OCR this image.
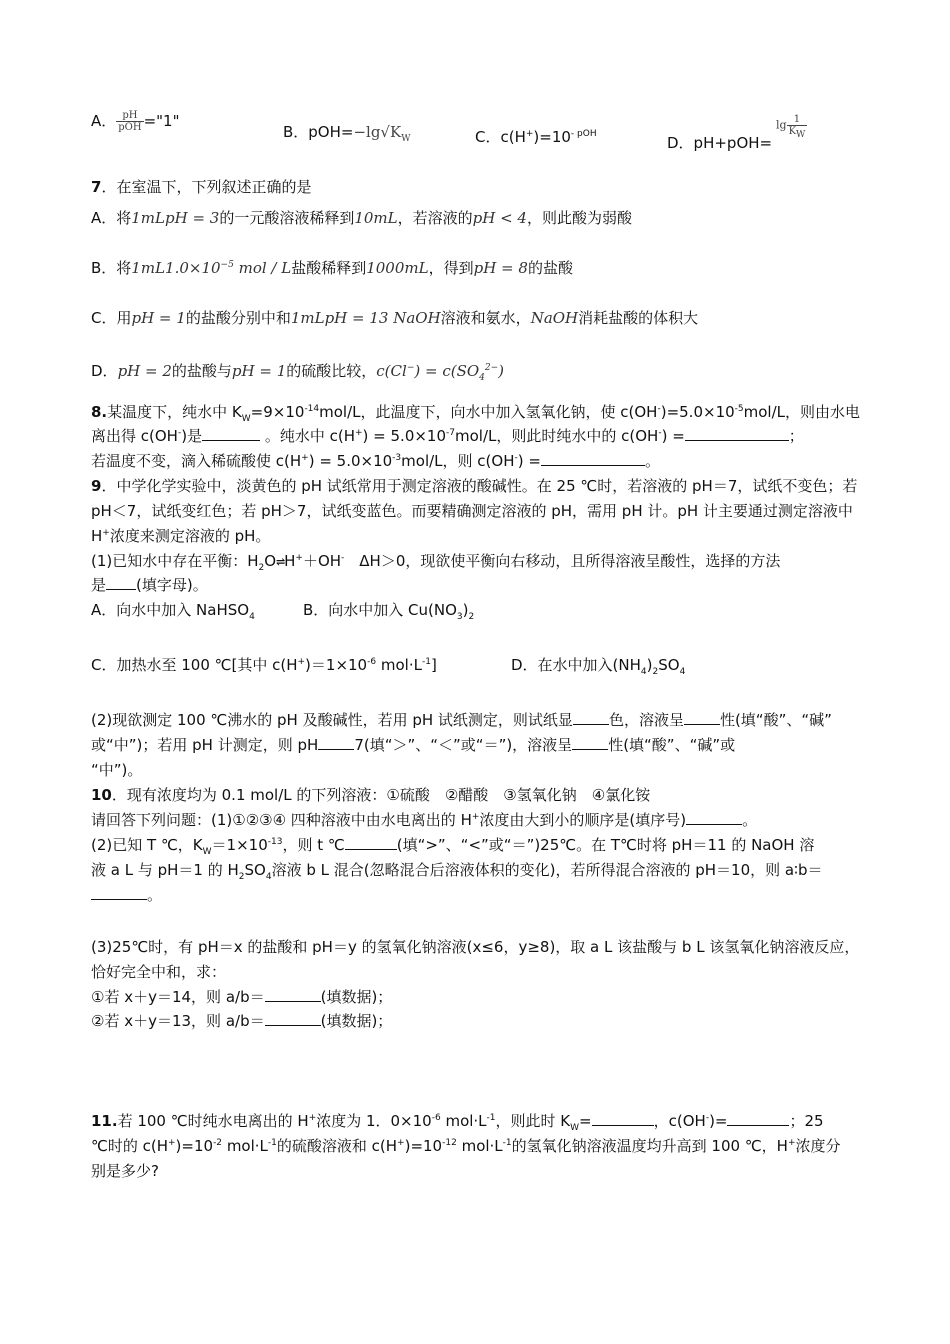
A． $\frac{pH}{\text{pOH}}$ ="1"
B．$pOH=-\lg√K_W$	C．$c(H^+)=10^{- pOH}$	D．pH+pOH=
$\lg \frac{1}{K_W}$
7．在室温下，下列叙述正确的是
A．将1mLpH = 3的一元酸溶液稀释到10mL，若溶液的pH < 4，则此酸为弱酸
B．将$1mL1.0\times 10^{-5}$ mol / L盐酸稀释到1000mL，得到pH = 8的盐酸
C．用pH = 1的盐酸分别中和1mLpH = 13 NaOH溶液和氨水，NaOH消耗盐酸的体积大
D．pH = 2的盐酸与pH = 1的硫酸比较，$c(Cl^-) = c(SO_4^{2-})$
8.某温度下，纯水中 $K_W=9\times 10^{-14}mol/L$，此温度下，向水中加入氢氧化钠，使 $c(OH^-)=5.0\times 10^{-5}mol/L$，则由水电
离出得 c(OH-)是	。纯水中 $c(H^+) = 5.0\times 10^{-7}mol/L$，则此时纯水中的 c(OH-) =	；
若温度不变，滴入稀硫酸使 $c(H^+) = 5.0\times 10^{-3}mol/L$，则 c(OH-) =	。
9．中学化学实验中，淡黄色的 pH 试纸常用于测定溶液的酸碱性。在 25 ℃时，若溶液的 pH＝7，试纸不变色；若
pH＜7，试纸变红色；若 pH＞7，试纸变蓝色。而要精确测定溶液的 pH，需用 pH 计。pH 计主要通过测定溶液中
H+浓度来测定溶液的 pH。
(1)已知水中存在平衡：$H_2O\rightleftharpoons H^++OH^-$　ΔH＞0，现欲使平衡向右移动，且所得溶液呈酸性，选择的方法
是 (填字母)。
A．向水中加入 NaHSO$_4$	B．向水中加入 $Cu(NO_3)_2$
C．加热水至 100 ℃[其中 $c(H^+)=1\times 10^{-6}$ $mol\cdot L^{-1}$]	D．在水中加入$(NH_4)_2SO_4$
(2)现欲测定 100 ℃沸水的 pH 及酸碱性，若用 pH 试纸测定，则试纸显 色，溶液呈 性(填“酸”、“碱”
或“中”)；若用 pH 计测定，则 pH 7(填“＞”、“＜”或“＝”)，溶液呈 性(填“酸”、“碱”或
“中”)。
10．现有浓度均为 0.1 mol/L 的下列溶液：①硫酸　②醋酸　③氢氧化钠　④氯化铵
请回答下列问题：(1)①②③④ 四种溶液中由水电离出的 H+浓度由大到小的顺序是(填序号)	。
(2)已知 T ℃，$K_W=1\times 10^{-13}$，则 t ℃	(填“>”、“<”或“＝”)25℃。在 T℃时将 pH＝11 的 NaOH 溶
液 a L 与 pH＝1 的 $H_2SO_4$溶液 b L 混合(忽略混合后溶液体积的变化)，若所得混合溶液的 pH＝10，则 a∶b＝
。
(3)25℃时，有 pH＝x 的盐酸和 pH＝y 的氢氧化钠溶液(x≤6，y≥8)，取 a L 该盐酸与 b L 该氢氧化钠溶液反应，
恰好完全中和，求：
①若 x＋y＝14，则 a/b＝	(填数据)；
②若 x＋y＝13，则 a/b＝	(填数据)；
11.若 100 ℃时纯水电离出的 H+浓度为 1．$0\times 10^{-6}$ $mol\cdot L^{-1}$，则此时 $K_W=$	，c(OH-)=	；25
℃时的 $c(H^+)=10^{-2}$ $mol\cdot L^{-1}$的硫酸溶液和 $c(H^+)=10^{-12}$ $mol\cdot L^{-1}$的氢氧化钠溶液温度均升高到 100 ℃，H+浓度分
别是多少?
